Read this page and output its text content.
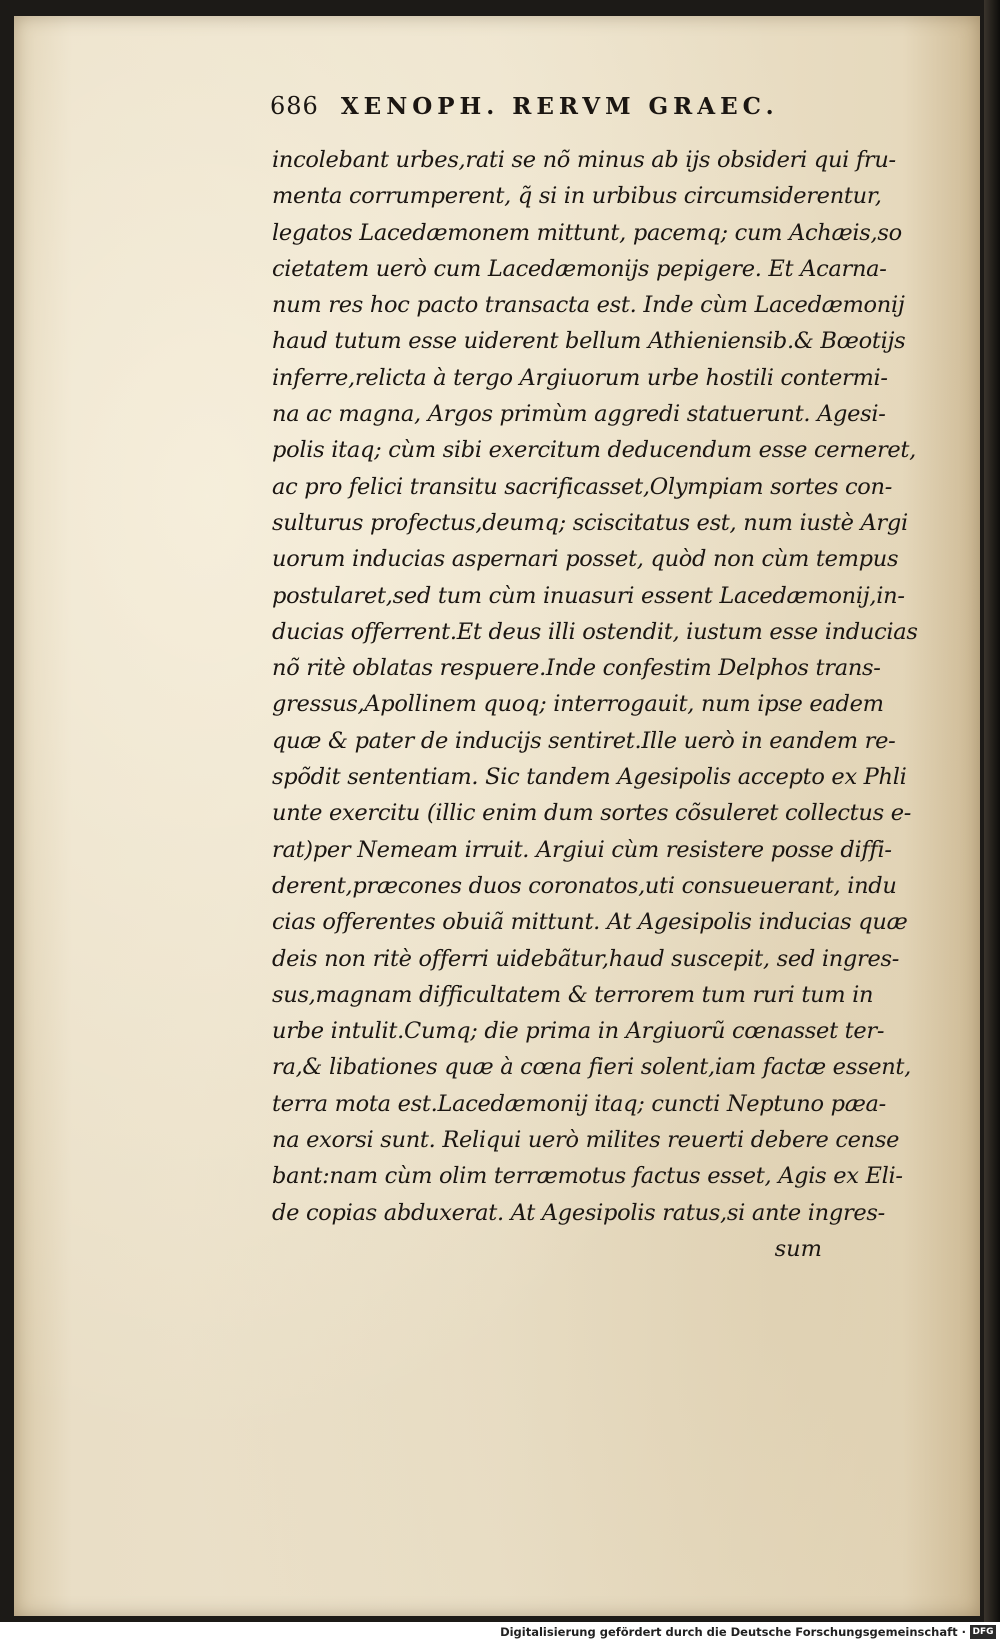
686 XENOPH. RERVM GRAEC.
incolebant urbes,rati se nõ minus ab ijs obsideri qui fru-
menta corrumperent, q̃ si in urbibus circumsiderentur,
legatos Lacedæmonem mittunt, pacemq; cum Achæis,so
cietatem uerò cum Lacedæmonijs pepigere. Et Acarna-
num res hoc pacto transacta est. Inde cùm Lacedæmonij
haud tutum esse uiderent bellum Athieniensib.& Bœotijs
inferre,relicta à tergo Argiuorum urbe hostili contermi-
na ac magna, Argos primùm aggredi statuerunt. Agesi-
polis itaq; cùm sibi exercitum deducendum esse cerneret,
ac pro felici transitu sacrificasset,Olympiam sortes con-
sulturus profectus,deumq; sciscitatus est, num iustè Argi
uorum inducias aspernari posset, quòd non cùm tempus
postularet,sed tum cùm inuasuri essent Lacedæmonij,in-
ducias offerrent.Et deus illi ostendit, iustum esse inducias
nõ ritè oblatas respuere.Inde confestim Delphos trans-
gressus,Apollinem quoq; interrogauit, num ipse eadem
quæ & pater de inducijs sentiret.Ille uerò in eandem re-
spõdit sententiam. Sic tandem Agesipolis accepto ex Phli
unte exercitu (illic enim dum sortes cõsuleret collectus e-
rat)per Nemeam irruit. Argiui cùm resistere posse diffi-
derent,præcones duos coronatos,uti consueuerant, indu
cias offerentes obuiã mittunt. At Agesipolis inducias quæ
deis non ritè offerri uidebãtur,haud suscepit, sed ingres-
sus,magnam difficultatem & terrorem tum ruri tum in
urbe intulit.Cumq; die prima in Argiuorũ cœnasset ter-
ra,& libationes quæ à cœna fieri solent,iam factæ essent,
terra mota est.Lacedæmonij itaq; cuncti Neptuno pæa-
na exorsi sunt. Reliqui uerò milites reuerti debere cense
bant:nam cùm olim terræmotus factus esset, Agis ex Eli-
de copias abduxerat. At Agesipolis ratus,si ante ingres-
sum
Digitalisierung gefördert durch die Deutsche Forschungsgemeinschaft · DFG
